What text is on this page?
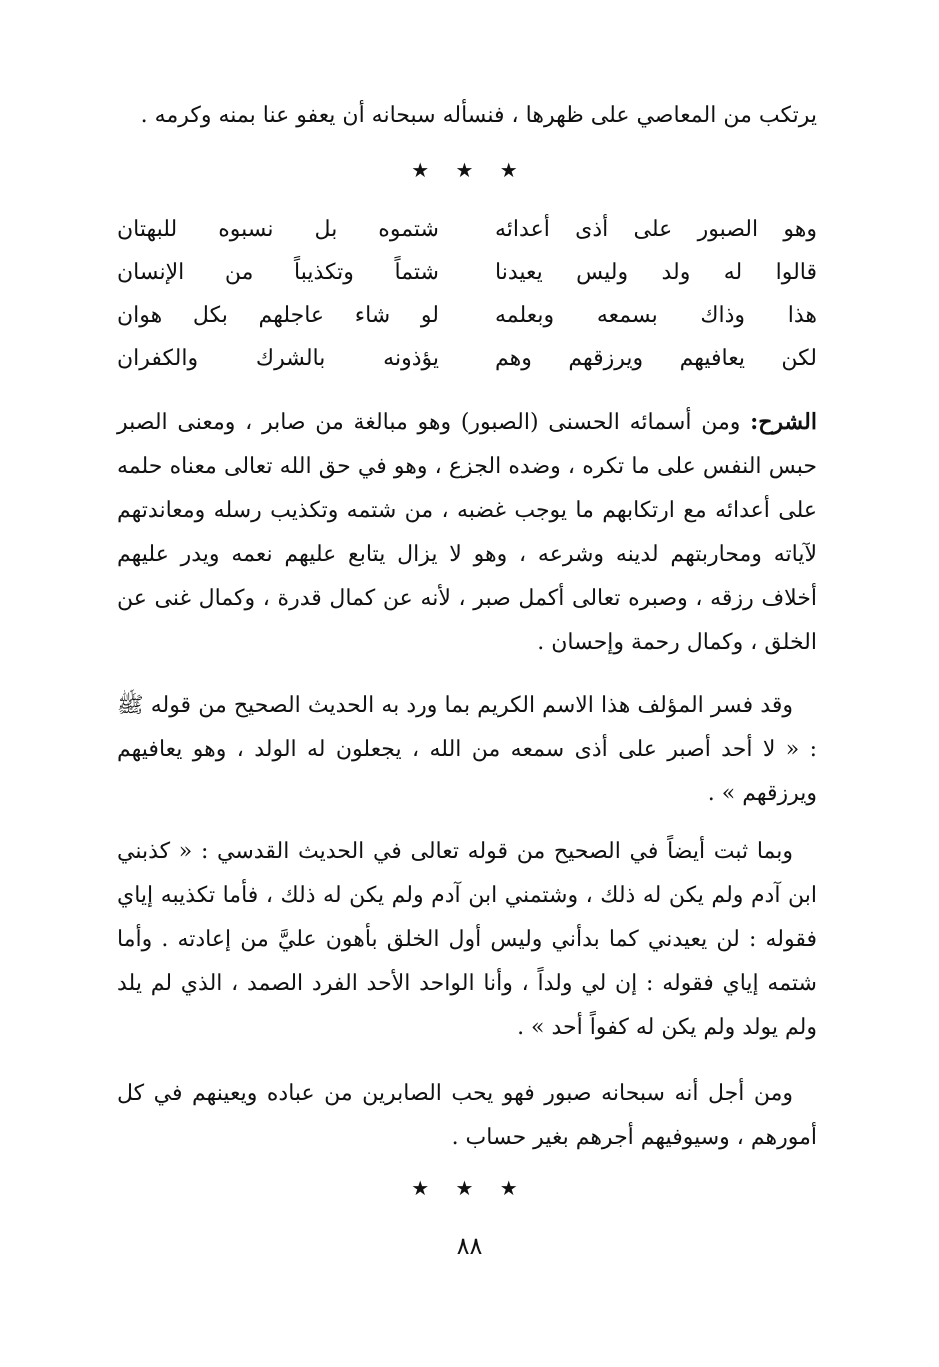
يرتكب من المعاصي على ظهرها ، فنسأله سبحانه أن يعفو عنا بمنه وكرمه .
★ ★ ★
وهو الصبور على أذى أعدائه
شتموه بل نسبوه للبهتان
قالوا له ولد وليس يعيدنا
شتماً وتكذيباً من الإنسان
هذا وذاك بسمعه وبعلمه
لو شاء عاجلهم بكل هوان
لكن يعافيهم ويرزقهم وهم
يؤذونه بالشرك والكفران
الشرح: ومن أسمائه الحسنى (الصبور) وهو مبالغة من صابر ، ومعنى الصبر حبس النفس على ما تكره ، وضده الجزع ، وهو في حق الله تعالى معناه حلمه على أعدائه مع ارتكابهم ما يوجب غضبه ، من شتمه وتكذيب رسله ومعاندتهم لآياته ومحاربتهم لدينه وشرعه ، وهو لا يزال يتابع عليهم نعمه ويدر عليهم أخلاف رزقه ، وصبره تعالى أكمل صبر ، لأنه عن كمال قدرة ، وكمال غنى عن الخلق ، وكمال رحمة وإحسان .
وقد فسر المؤلف هذا الاسم الكريم بما ورد به الحديث الصحيح من قوله ﷺ : « لا أحد أصبر على أذى سمعه من الله ، يجعلون له الولد ، وهو يعافيهم ويرزقهم » .
وبما ثبت أيضاً في الصحيح من قوله تعالى في الحديث القدسي : « كذبني ابن آدم ولم يكن له ذلك ، وشتمني ابن آدم ولم يكن له ذلك ، فأما تكذيبه إياي فقوله : لن يعيدني كما بدأني وليس أول الخلق بأهون عليَّ من إعادته . وأما شتمه إياي فقوله : إن لي ولداً ، وأنا الواحد الأحد الفرد الصمد ، الذي لم يلد ولم يولد ولم يكن له كفواً أحد » .
ومن أجل أنه سبحانه صبور فهو يحب الصابرين من عباده ويعينهم في كل أمورهم ، وسيوفيهم أجرهم بغير حساب .
★ ★ ★
٨٨
